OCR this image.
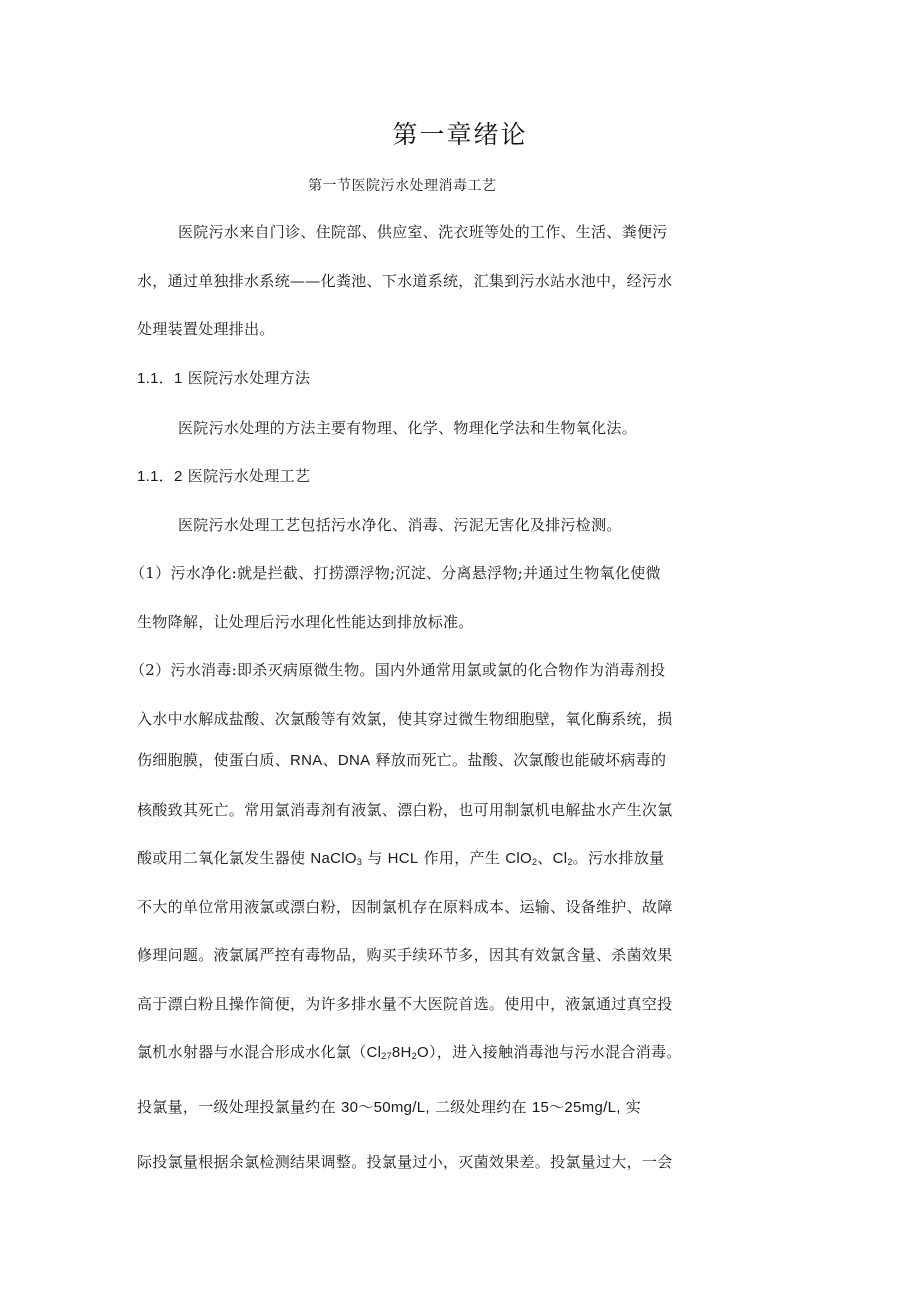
第一章绪论
第一节医院污水处理消毒工艺
医院污水来自门诊、住院部、供应室、洗衣班等处的工作、生活、粪便污
水，通过单独排水系统——化粪池、下水道系统，汇集到污水站水池中，经污水
处理装置处理排出。
1.1．1 医院污水处理方法
医院污水处理的方法主要有物理、化学、物理化学法和生物氧化法。
1.1．2 医院污水处理工艺
医院污水处理工艺包括污水净化、消毒、污泥无害化及排污检测。
（1）污水净化:就是拦截、打捞漂浮物;沉淀、分离悬浮物;并通过生物氧化使微
生物降解，让处理后污水理化性能达到排放标准。
（2）污水消毒:即杀灭病原微生物。国内外通常用氯或氯的化合物作为消毒剂投
入水中水解成盐酸、次氯酸等有效氯，使其穿过微生物细胞壁，氧化酶系统，损
伤细胞膜，使蛋白质、RNA、DNA 释放而死亡。盐酸、次氯酸也能破坏病毒的
核酸致其死亡。常用氯消毒剂有液氯、漂白粉，也可用制氯机电解盐水产生次氯
酸或用二氧化氯发生器使 NaClO$_3$ 与 HCL 作用，产生 ClO$_2$、$Cl_2$。污水排放量
不大的单位常用液氯或漂白粉，因制氯机存在原料成本、运输、设备维护、故障
修理问题。液氯属严控有毒物品，购买手续环节多，因其有效氯含量、杀菌效果
高于漂白粉且操作简便，为许多排水量不大医院首选。使用中，液氯通过真空投
氯机水射器与水混合形成水化氯$(Cl_{27}8H_2O)$，进入接触消毒池与污水混合消毒。
投氯量，一级处理投氯量约在 30〜50mg/L, 二级处理约在 15〜25mg/L, 实
际投氯量根据余氯检测结果调整。投氯量过小，灭菌效果差。投氯量过大，一会
